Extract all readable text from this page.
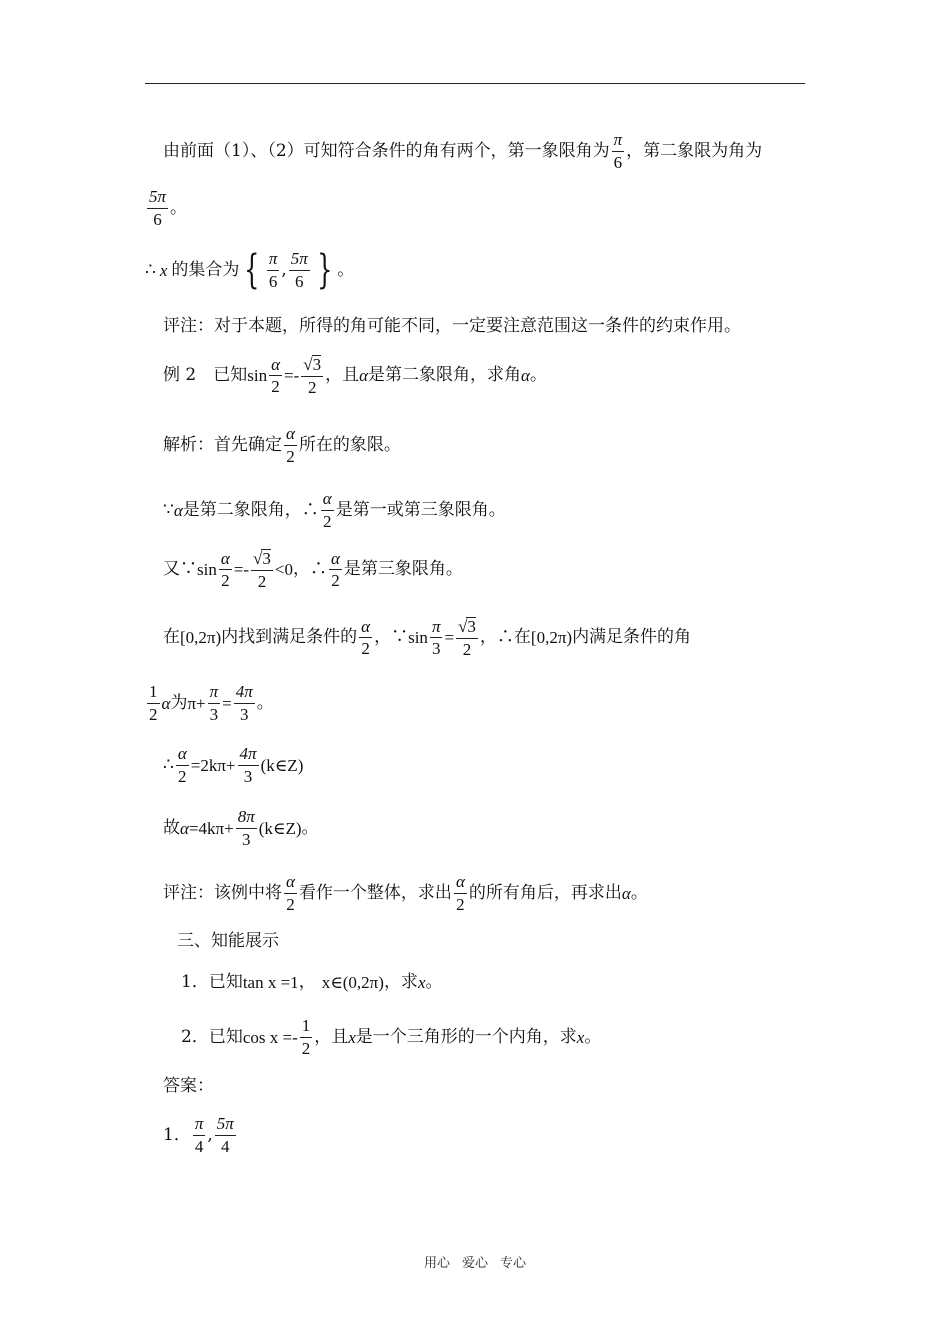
由前面（1）、（2）可知符合条件的角有两个，第一象限角为 $\frac{\pi}{6}$ ，第二象限为角为
$\frac{5\pi}{6}$ 。
∴ x 的集合为 { $\frac{\pi}{6}$ , $\frac{5\pi}{6}$ } 。
评注：对于本题，所得的角可能不同，一定要注意范围这一条件的约束作用。
例 2　已知 $\sin \frac{\alpha}{2} =- \frac{√3}{2}$ ，且 α 是第二象限角，求角 α 。
解析：首先确定 $\frac{\alpha}{2}$ 所在的象限。
∵ α 是第二象限角，∴ $\frac{\alpha}{2}$ 是第一或第三象限角。
又∵ $\sin \frac{\alpha}{2} =- \frac{√3}{2} <0$ ，∴ $\frac{\alpha}{2}$ 是第三象限角。
在 [0,2π) 内找到满足条件的 $\frac{\alpha}{2}$ ，∵ $\sin \frac{\pi}{3} = \frac{√3}{2}$ ，∴在 [0,2π) 内满足条件的角
$\frac{1}{2}$ α 为 $\pi+ \frac{\pi}{3} = \frac{4\pi}{3}$ 。
∴ $\frac{\alpha}{2} =2k\pi+ \frac{4\pi}{3}$ (k∈Z)
故 $\alpha =4k\pi+ \frac{8\pi}{3}$ (k∈Z) 。
评注：该例中将 $\frac{\alpha}{2}$ 看作一个整体，求出 $\frac{\alpha}{2}$ 的所有角后，再求出 α 。
三、知能展示
1．已知 tan x =1 ， x∈(0,2π) ，求 x 。
2．已知 $\cos x =- \frac{1}{2}$ ，且 x 是一个三角形的一个内角，求 x 。
答案：
1． $\frac{\pi}{4}$ , $\frac{5\pi}{4}$
用心 爱心 专心
